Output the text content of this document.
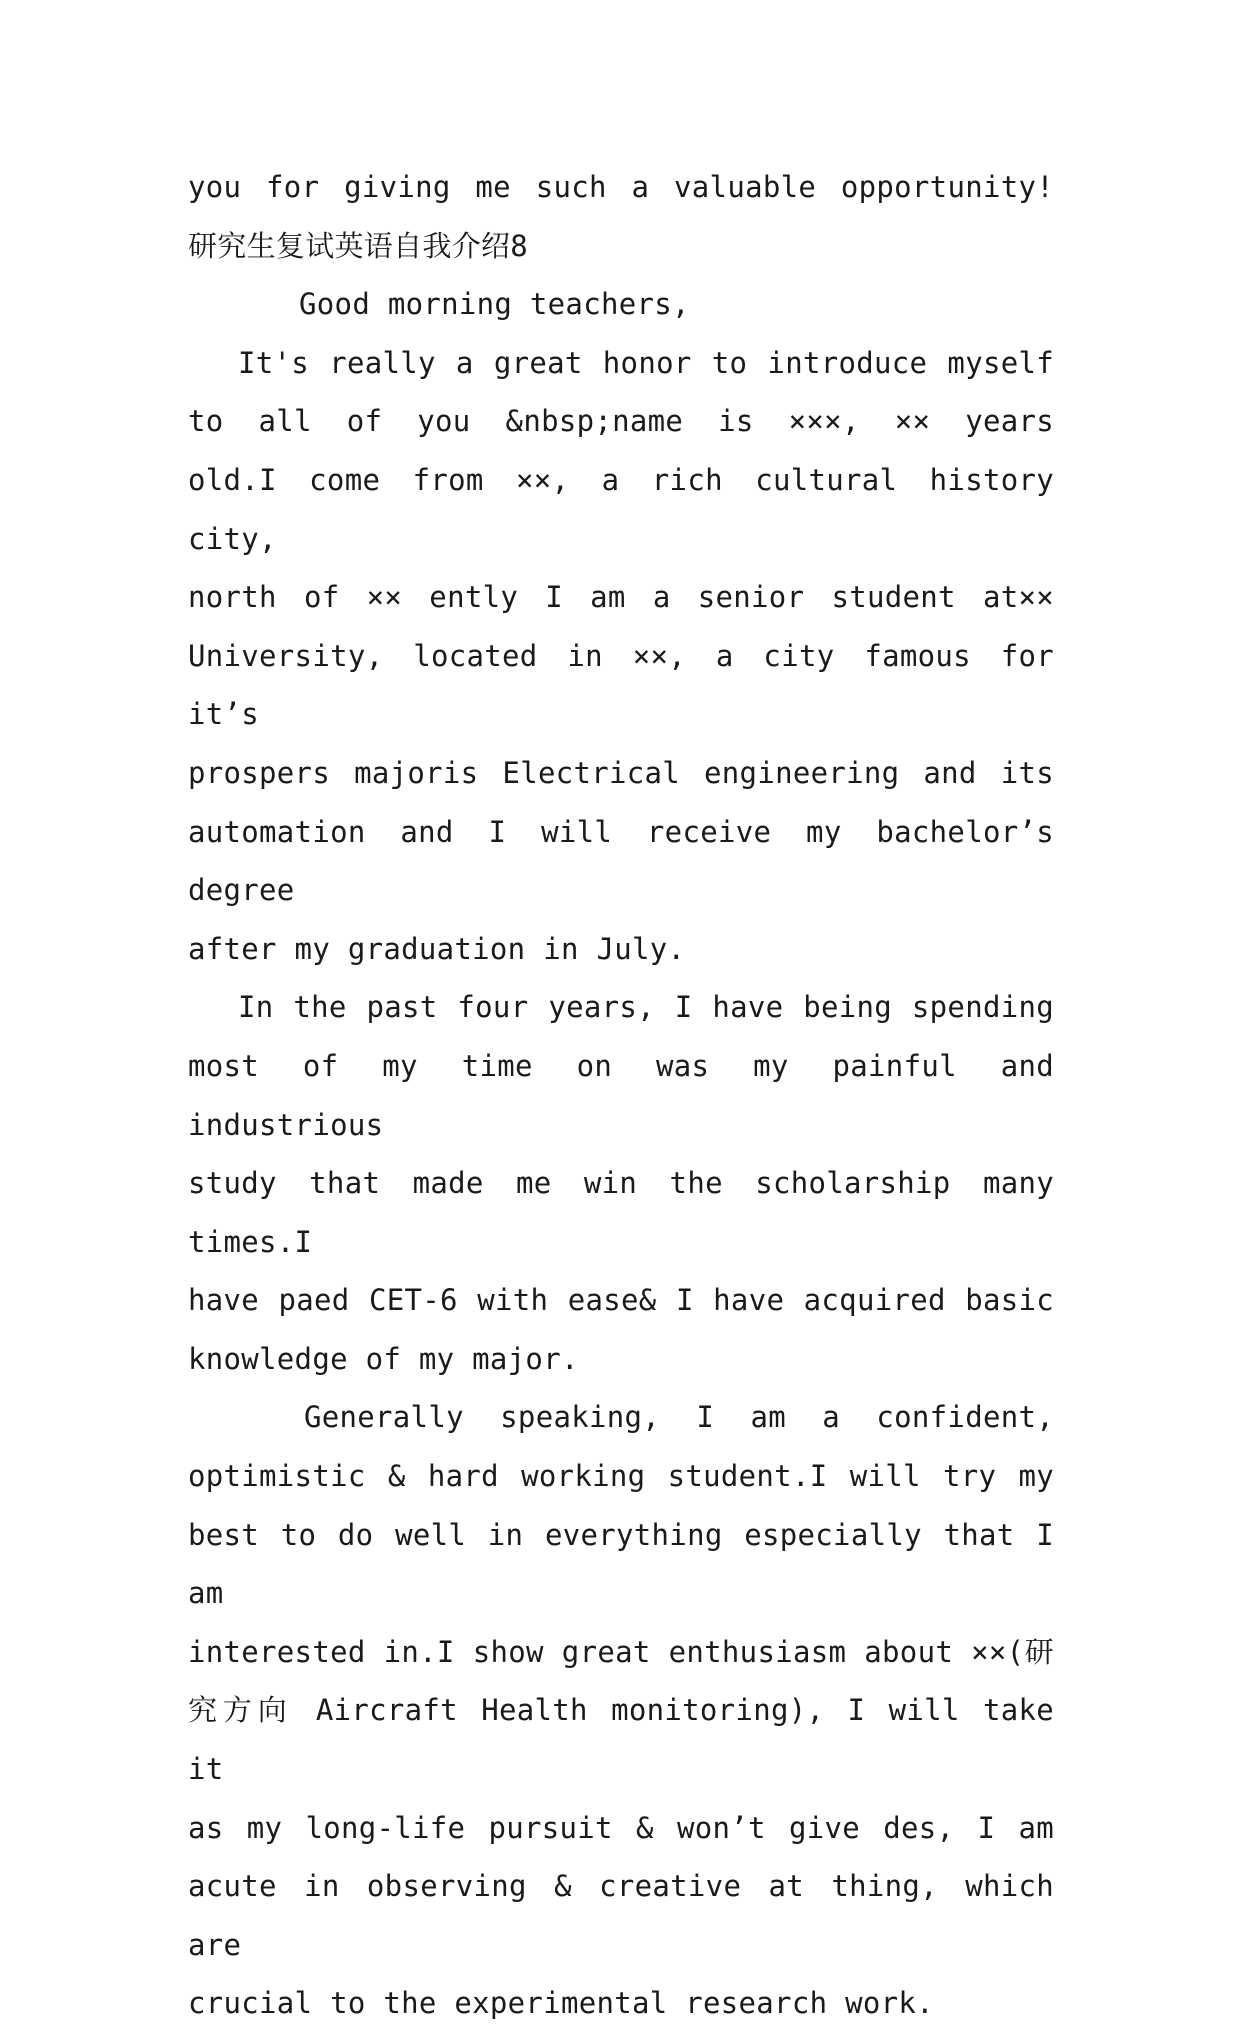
you for giving me such a valuable opportunity!

研究生复试英语自我介绍8

Good morning teachers,

It's really a great honor to introduce myself

to all of you &nbsp;name is ×××, ×× years

old.I come from ××, a rich cultural history city,

north of ×× ently I am a senior student at××

University, located in ××, a city famous for it’s

prospers majoris Electrical engineering and its

automation and I will receive my bachelor’s degree

after my graduation in July.

In the past four years, I have being spending

most of my time on was my painful and industrious

study that made me win the scholarship many times.I

have paed CET-6 with ease& I have acquired basic

knowledge of my major.

Generally speaking, I am a confident,

optimistic & hard working student.I will try my

best to do well in everything especially that I am

interested in.I show great enthusiasm about ××(研

究方向 Aircraft Health monitoring), I will take it

as my long-life pursuit & won’t give des, I am

acute in observing & creative at thing, which are

crucial to the experimental research work.
